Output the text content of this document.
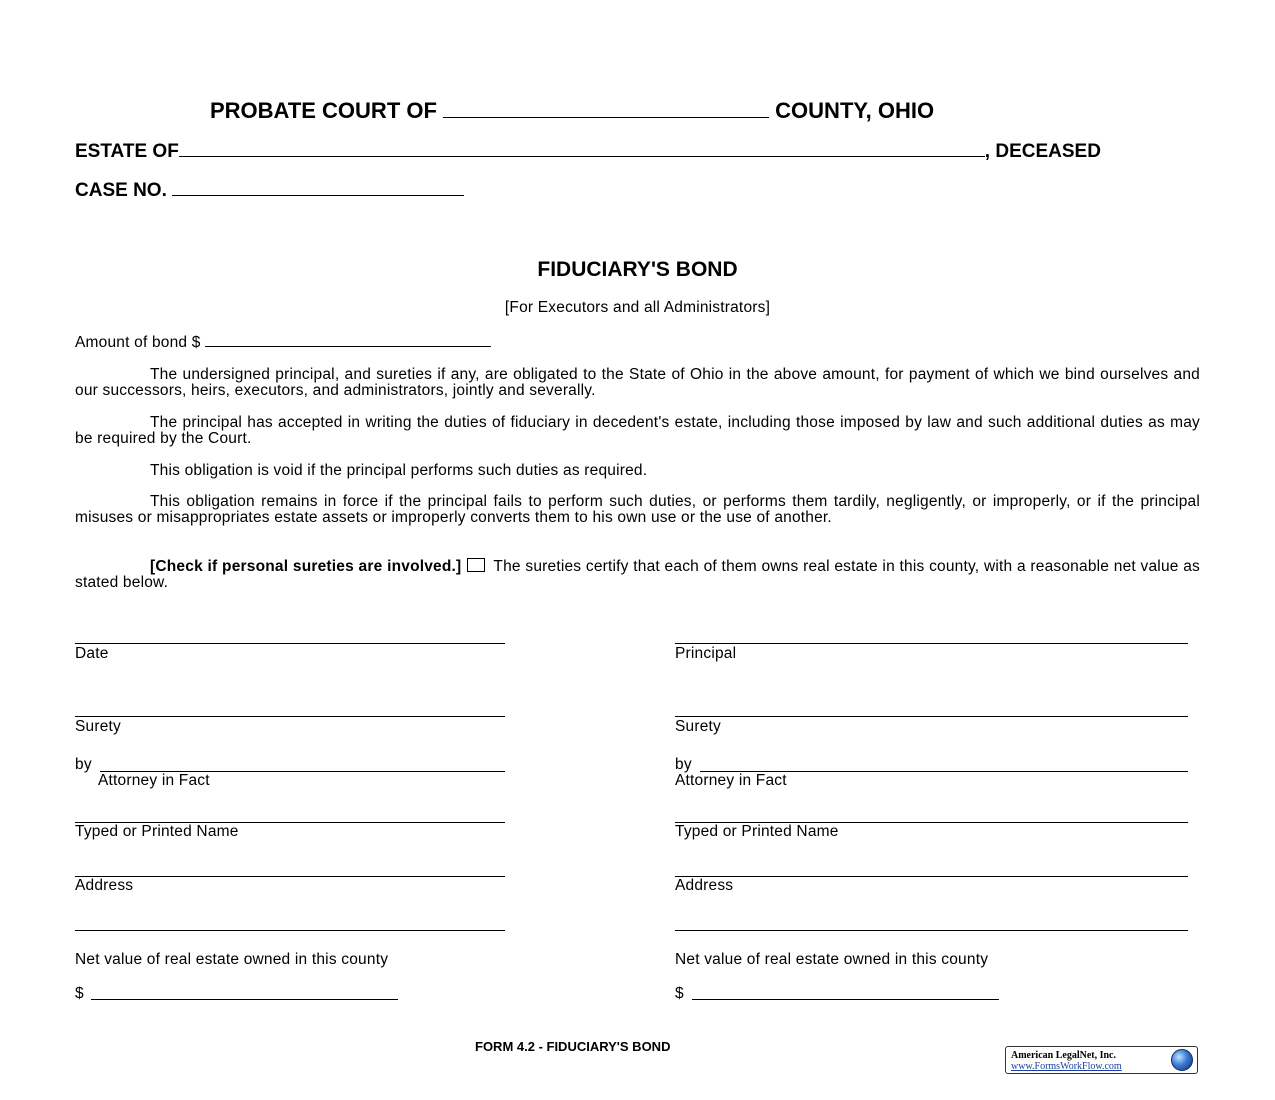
PROBATE COURT OF	COUNTY, OHIO
ESTATE OF	, DECEASED
CASE NO.
FIDUCIARY'S BOND
[For Executors and all Administrators]
Amount of bond $
The undersigned principal, and sureties if any, are obligated to the State of Ohio in the above amount, for payment of which we bind ourselves and our successors, heirs, executors, and administrators, jointly and severally.
The principal has accepted in writing the duties of fiduciary in decedent's estate, including those imposed by law and such additional duties as may be required by the Court.
This obligation is void if the principal performs such duties as required.
This obligation remains in force if the principal fails to perform such duties, or performs them tardily, negligently, or improperly, or if the principal misuses or misappropriates estate assets or improperly converts them to his own use or the use of another.
[Check if personal sureties are involved.] The sureties certify that each of them owns real estate in this county, with a reasonable net value as stated below.
Date
Surety
by
Attorney in Fact
Typed or Printed Name
Address
Net value of real estate owned in this county
$
Principal
Surety
by
Attorney in Fact
Typed or Printed Name
Address
Net value of real estate owned in this county
$
FORM 4.2 - FIDUCIARY'S BOND
American LegalNet, Inc.
www.FormsWorkFlow.com
